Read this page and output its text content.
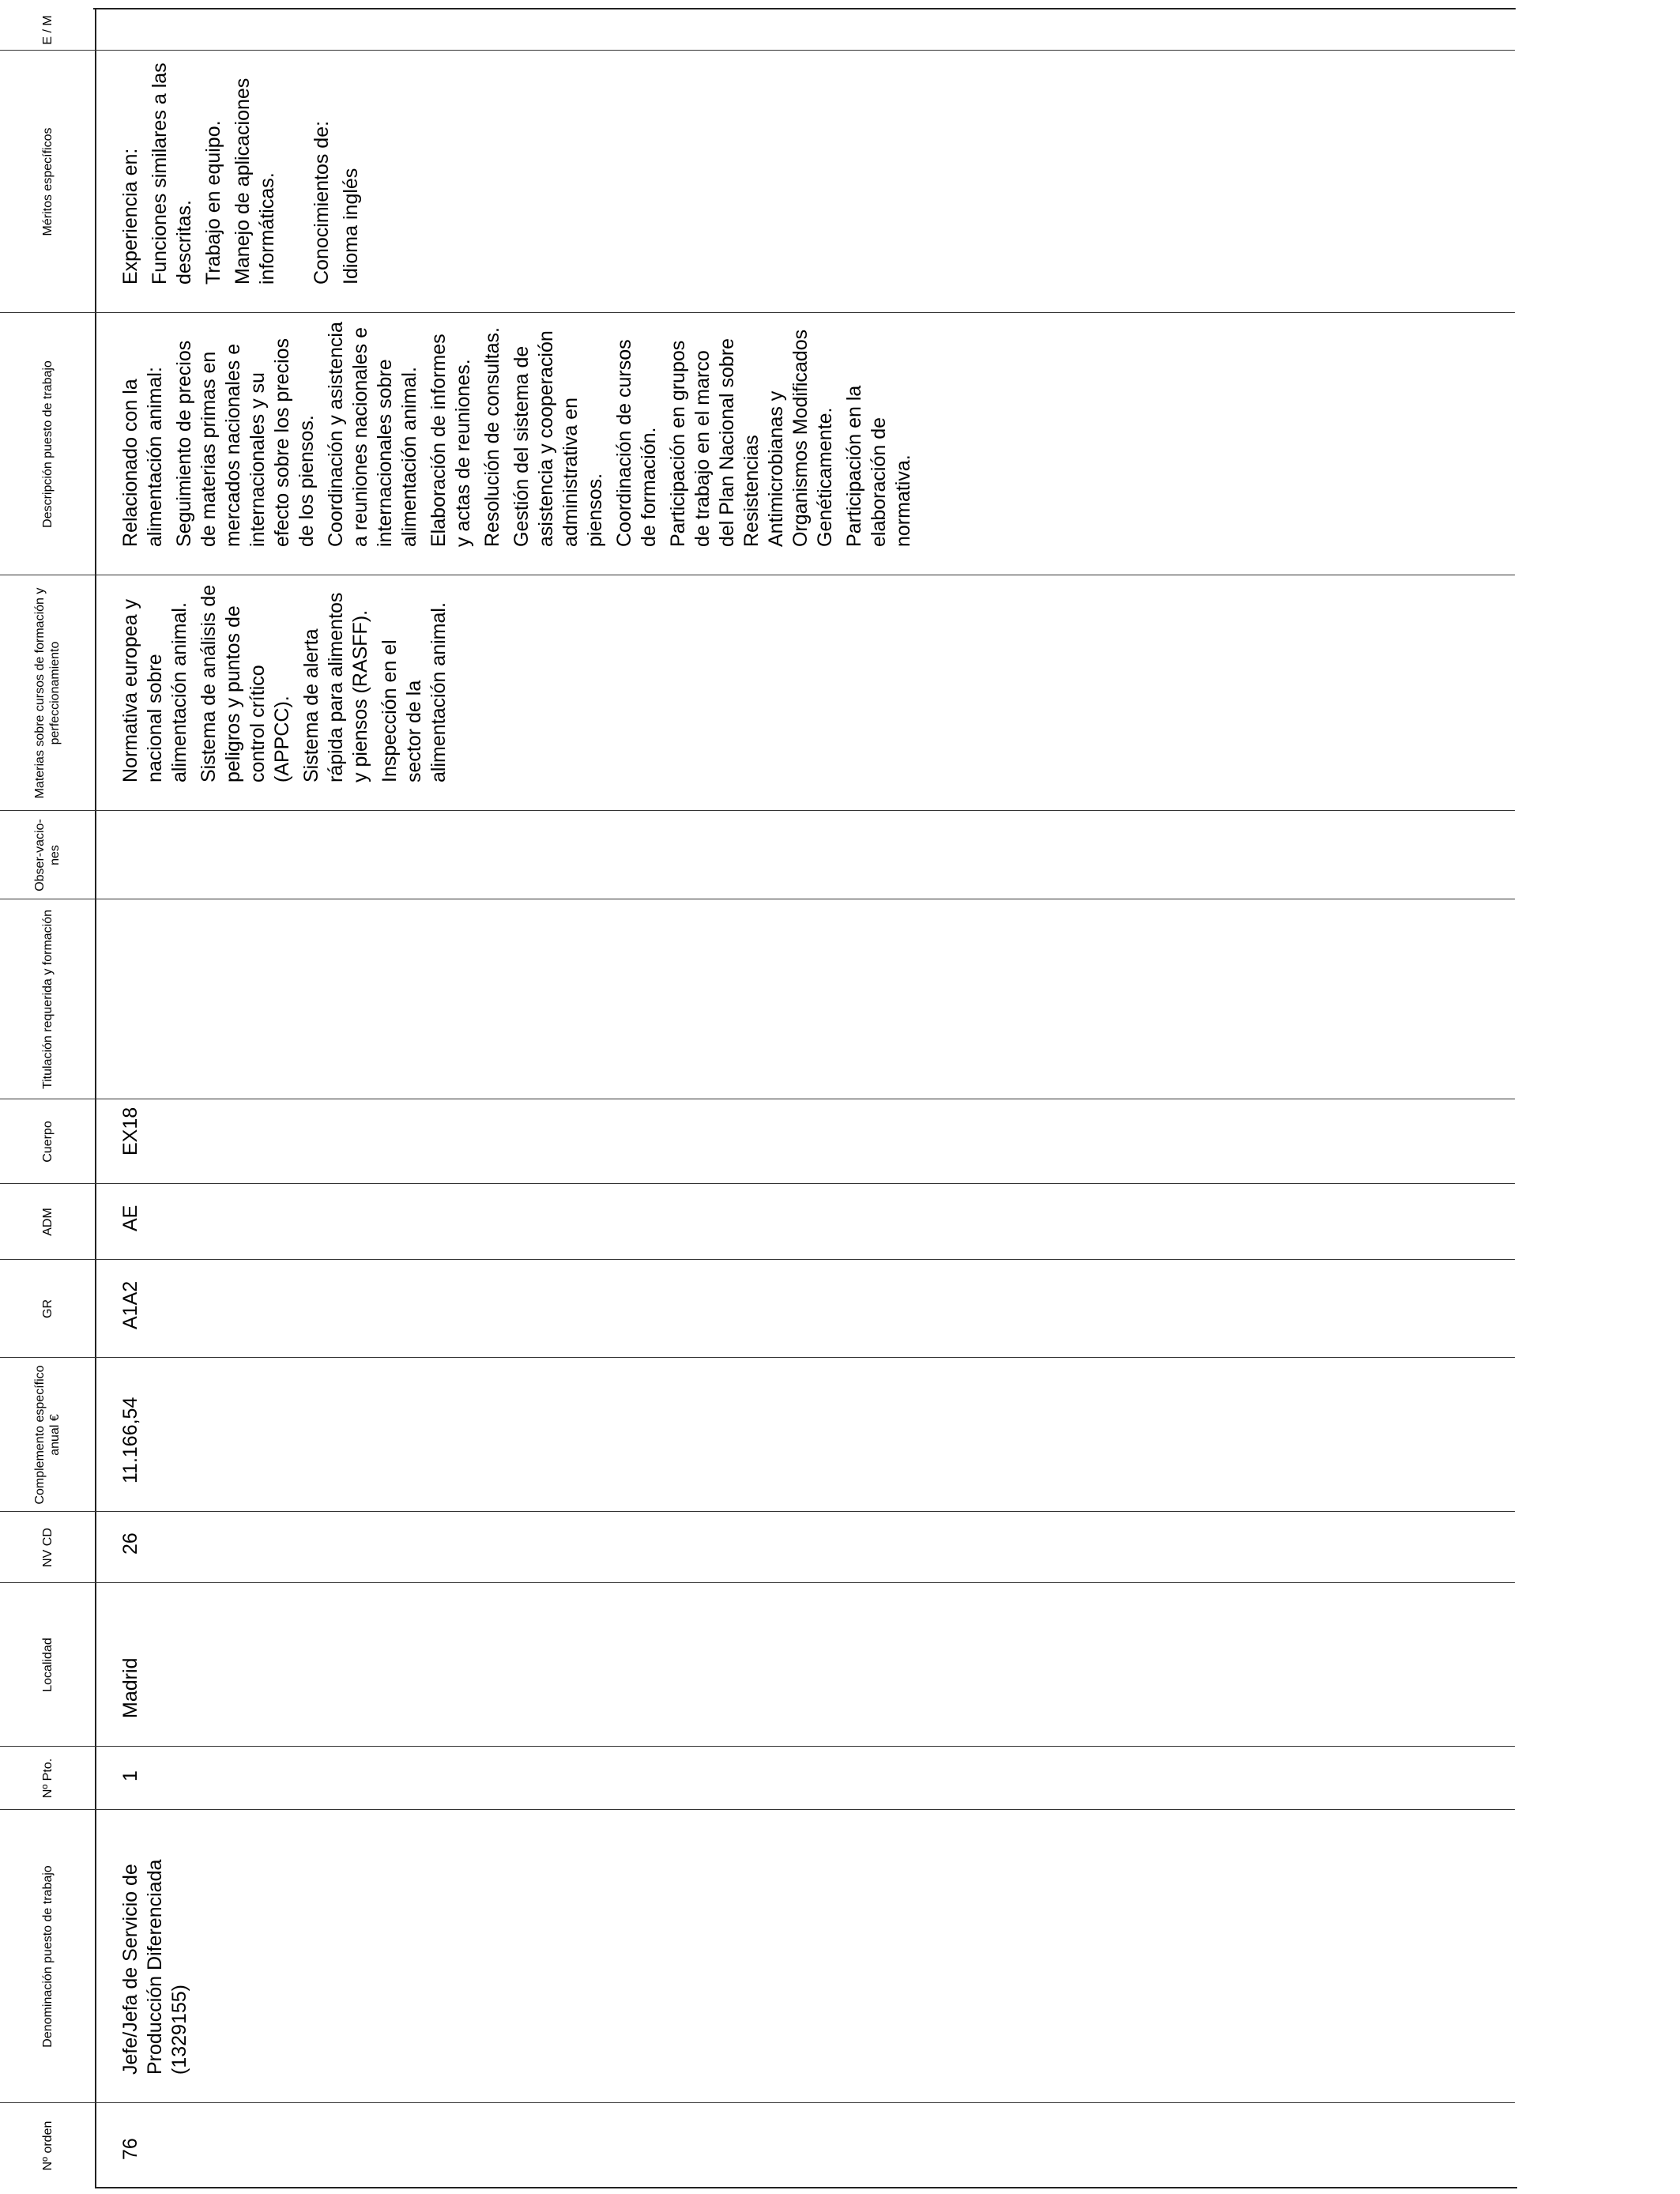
Nº orden
Denominación puesto de trabajo
Nº Pto.
Localidad
NV CD
Complemento específico anual €
GR
ADM
Cuerpo
Titulación requerida y formación
Obser-vacio-nes
Materias sobre cursos de formación y perfeccionamiento
Descripción puesto de trabajo
Méritos específicos
E / M
76
Jefe/Jefa de Servicio de Producción Diferenciada (1329155)
1
Madrid
26
11.166,54
A1A2
AE
EX18

Normativa europea y nacional sobre alimentación animal. Sistema de análisis de peligros y puntos de control crítico (APPCC). Sistema de alerta rápida para alimentos y piensos (RASFF). Inspección en el sector de la alimentación animal.

Relacionado con la alimentación animal: Seguimiento de precios de materias primas en mercados nacionales e internacionales y su efecto sobre los precios de los piensos. Coordinación y asistencia a reuniones nacionales e internacionales sobre alimentación animal. Elaboración de informes y actas de reuniones. Resolución de consultas. Gestión del sistema de asistencia y cooperación administrativa en piensos. Coordinación de cursos de formación. Participación en grupos de trabajo en el marco del Plan Nacional sobre Resistencias Antimicrobianas y Organismos Modificados Genéticamente. Participación en la elaboración de normativa.

Experiencia en: Funciones similares a las descritas. Trabajo en equipo. Manejo de aplicaciones informáticas. Conocimientos de: Idioma inglés
